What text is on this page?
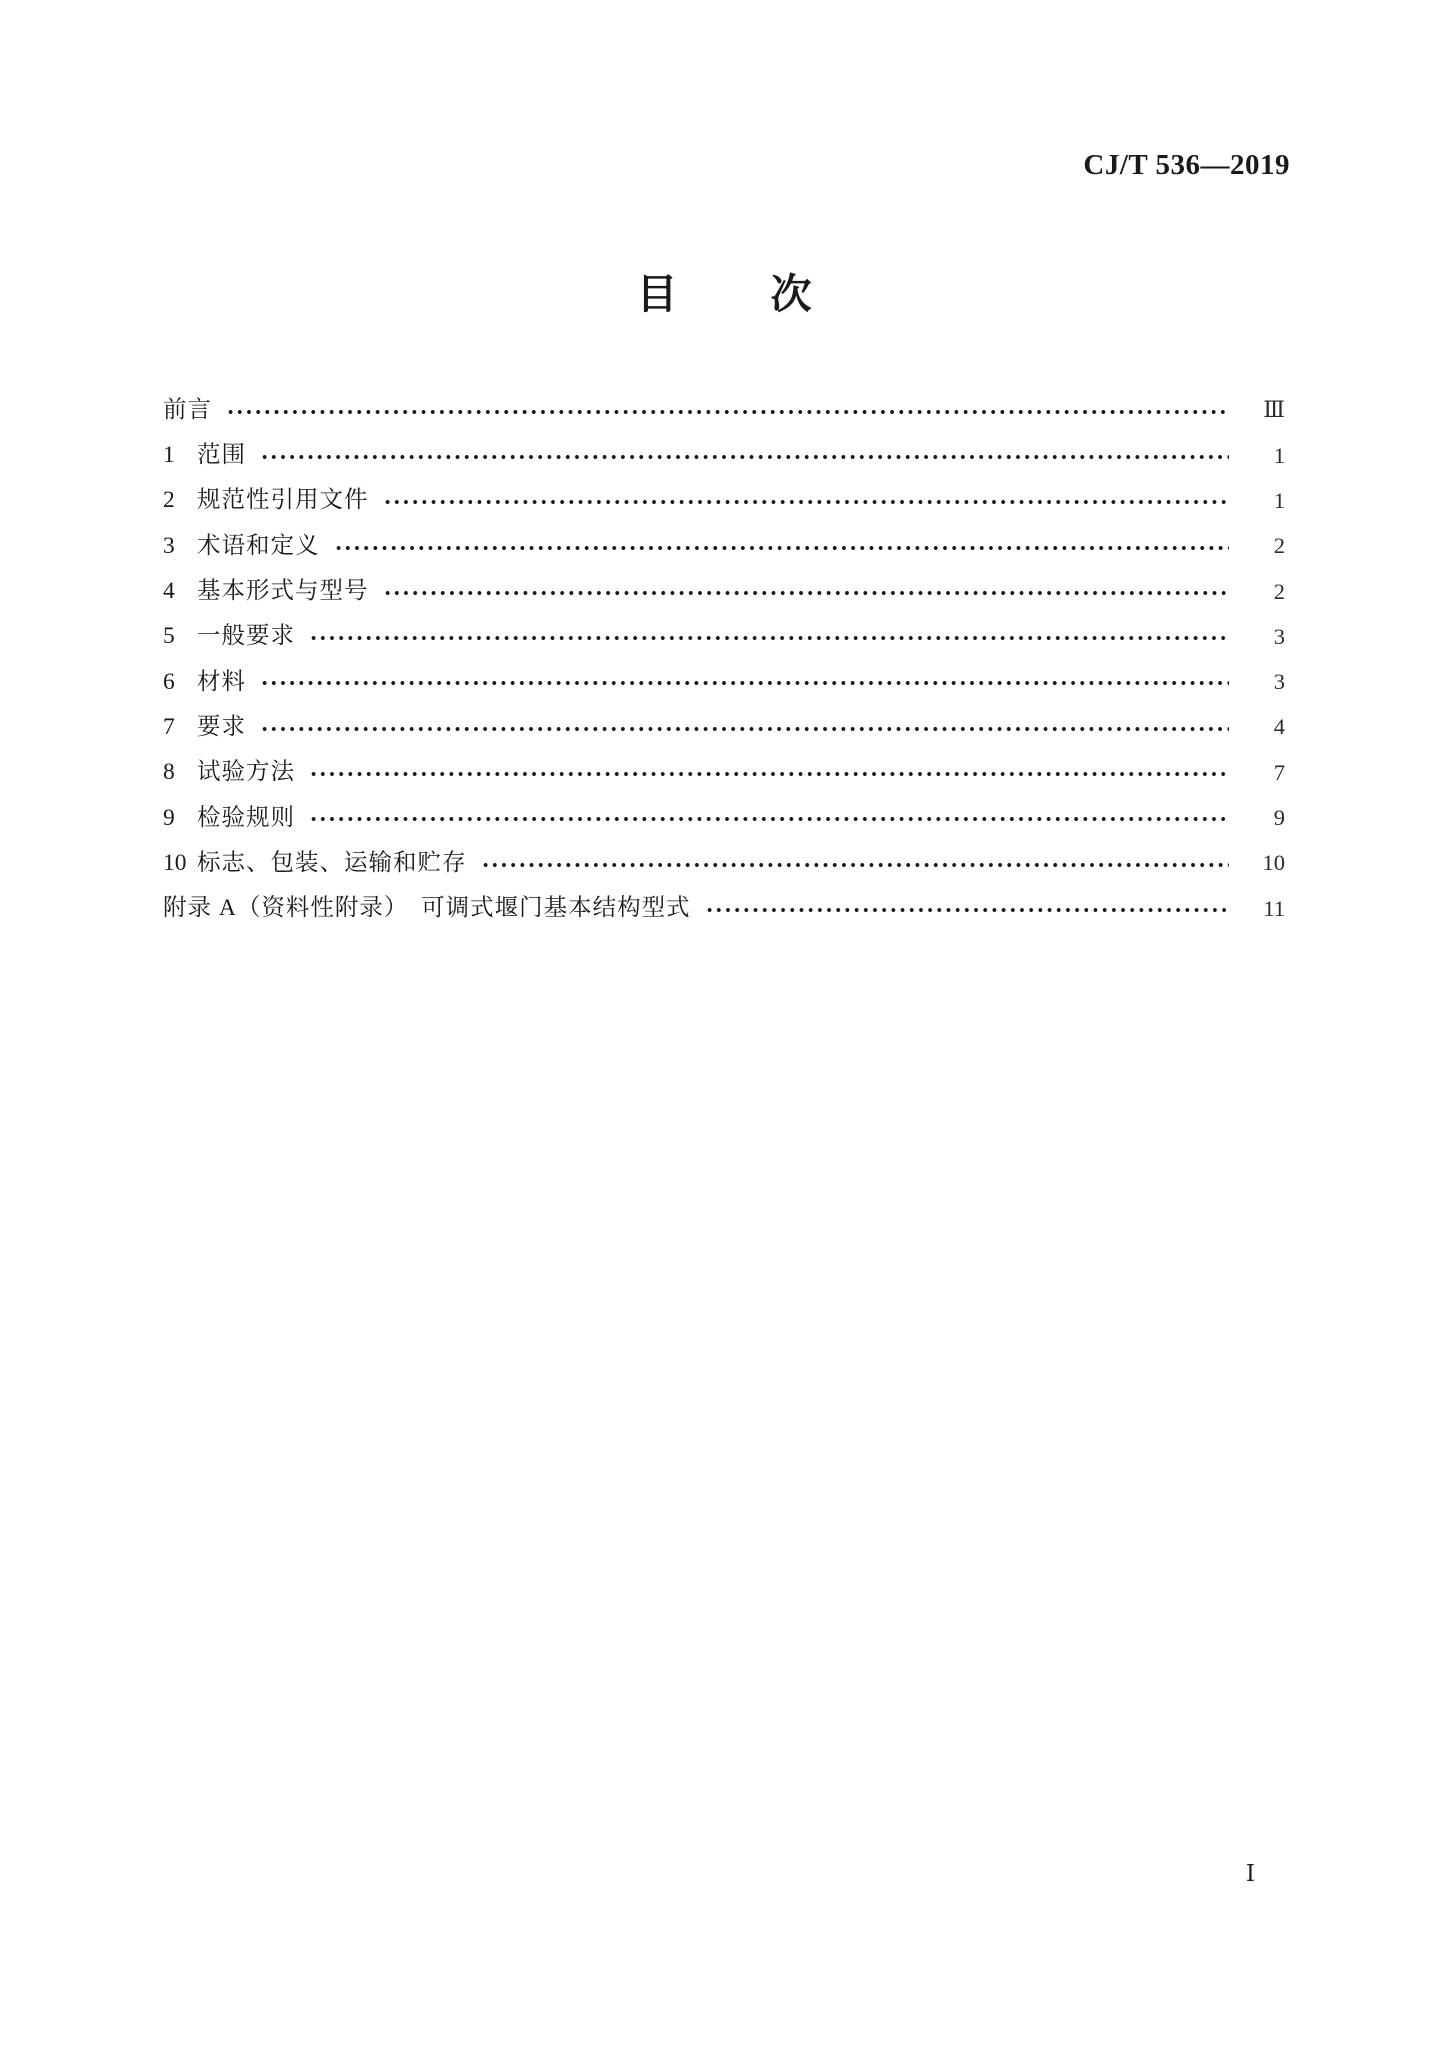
CJ/T 536—2019
目　次
前言	Ⅲ
1 范围	1
2 规范性引用文件	1
3 术语和定义	2
4 基本形式与型号	2
5 一般要求	3
6 材料	3
7 要求	4
8 试验方法	7
9 检验规则	9
10 标志、包装、运输和贮存	10
附录 A（资料性附录）　可调式堰门基本结构型式	11
Ⅰ
